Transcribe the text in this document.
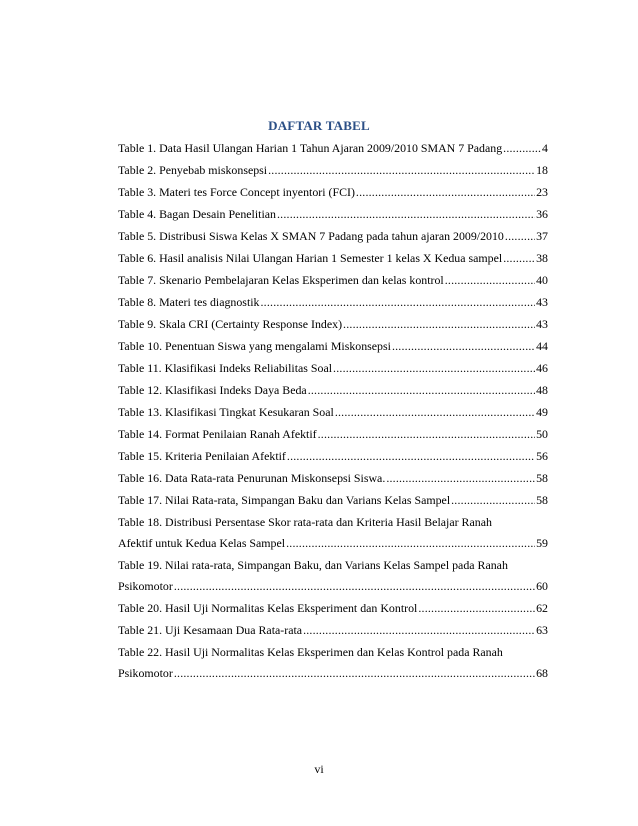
DAFTAR TABEL
Table 1. Data Hasil Ulangan Harian 1 Tahun Ajaran 2009/2010 SMAN 7 Padang .....	4
Table 2. Penyebab miskonsepsi .....	18
Table 3. Materi tes Force Concept inyentori (FCI) .....	23
Table 4. Bagan Desain Penelitian .....	36
Table 5. Distribusi Siswa Kelas X SMAN 7 Padang pada tahun ajaran 2009/2010 .....	37
Table 6. Hasil analisis Nilai Ulangan Harian 1 Semester 1 kelas X Kedua sampel .....	38
Table 7. Skenario Pembelajaran Kelas Eksperimen dan kelas kontrol .....	40
Table 8. Materi tes diagnostik .....	43
Table 9. Skala CRI (Certainty Response Index) .....	43
Table 10. Penentuan Siswa yang mengalami Miskonsepsi .....	44
Table 11. Klasifikasi Indeks Reliabilitas Soal .....	46
Table 12. Klasifikasi Indeks Daya Beda .....	48
Table 13. Klasifikasi Tingkat Kesukaran Soal .....	49
Table 14. Format Penilaian Ranah Afektif .....	50
Table 15. Kriteria Penilaian Afektif .....	56
Table 16. Data Rata-rata Penurunan Miskonsepsi Siswa. .....	58
Table 17. Nilai Rata-rata, Simpangan Baku dan Varians Kelas Sampel .....	58
Table 18. Distribusi Persentase Skor rata-rata dan Kriteria Hasil Belajar Ranah
Afektif untuk Kedua Kelas Sampel .....	59
Table 19. Nilai rata-rata, Simpangan Baku, dan Varians Kelas Sampel pada Ranah
Psikomotor .....	60
Table 20. Hasil Uji Normalitas Kelas Eksperiment dan Kontrol .....	62
Table 21. Uji Kesamaan Dua Rata-rata .....	63
Table 22. Hasil Uji Normalitas Kelas Eksperimen dan Kelas Kontrol pada Ranah
Psikomotor .....	68
vi
